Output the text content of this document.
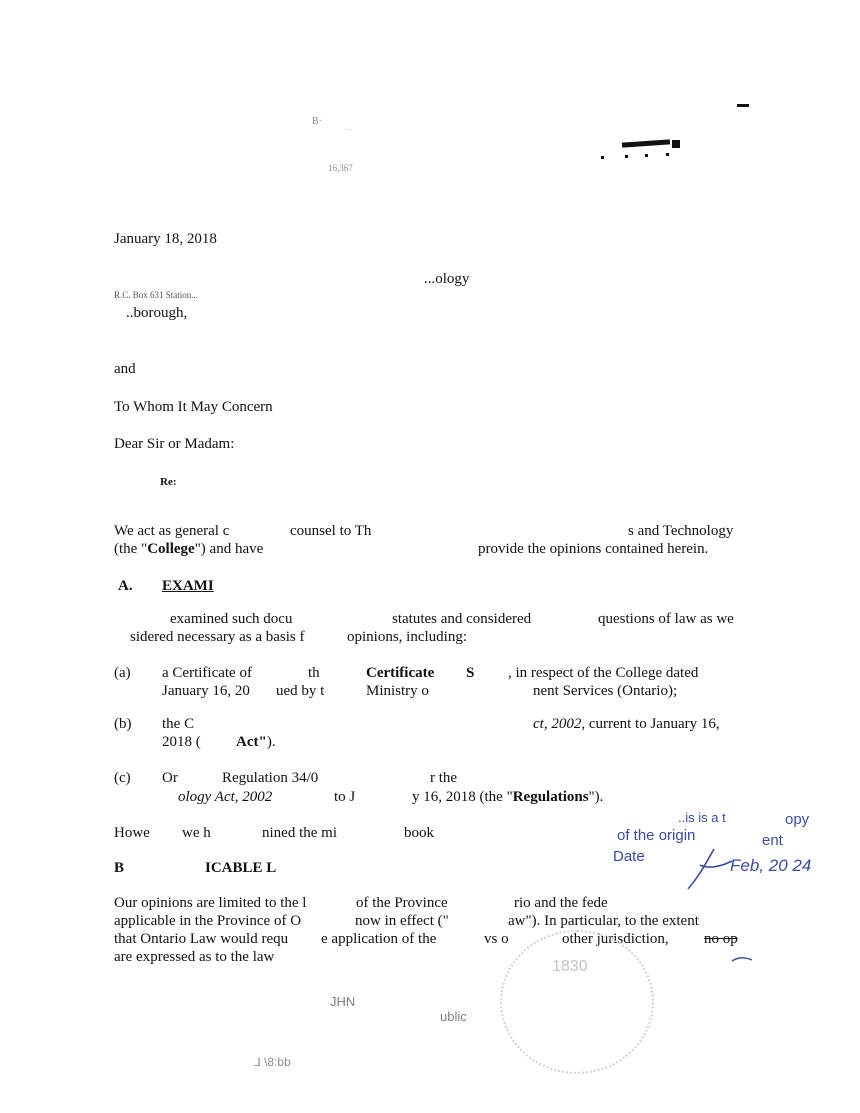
B·
·....
16,367
January 18, 2018
R.C. Box 631 Station...
...ology
..borough,
and
To Whom It May Concern
Dear Sir or Madam:
Re:
We act as general c	counsel to Th	s and Technology
(the "College") and have	provide the opinions contained herein.
A. EXAMI
examined such docu	statutes and considered	questions of law as we
sidered necessary as a basis f	opinions, including:
(a) a Certificate of	th	Certificate S , in respect of the College dated
January 16, 20 ued by t	Ministry o	nent Services (Ontario);
(b) the C	ct, 2002, current to January 16,
2018 ( Act").
(c) Or	Regulation 34/0	r the
ology Act, 2002	to J	y 16, 2018 (the "Regulations").
Howe we h	nined the mi	book
B	ICABLE L
Our opinions are limited to the l	of the Province	rio and the fede
applicable in the Province of O	now in effect ("	aw"). In particular, to the extent
that Ontario Law would requ e application of the	vs o	other jurisdiction, no op
are expressed as to the law
..is is a t	opy
of the origin	ent
Date	Feb, 20 24
1830
JHN
ublic
dd:8/ L
